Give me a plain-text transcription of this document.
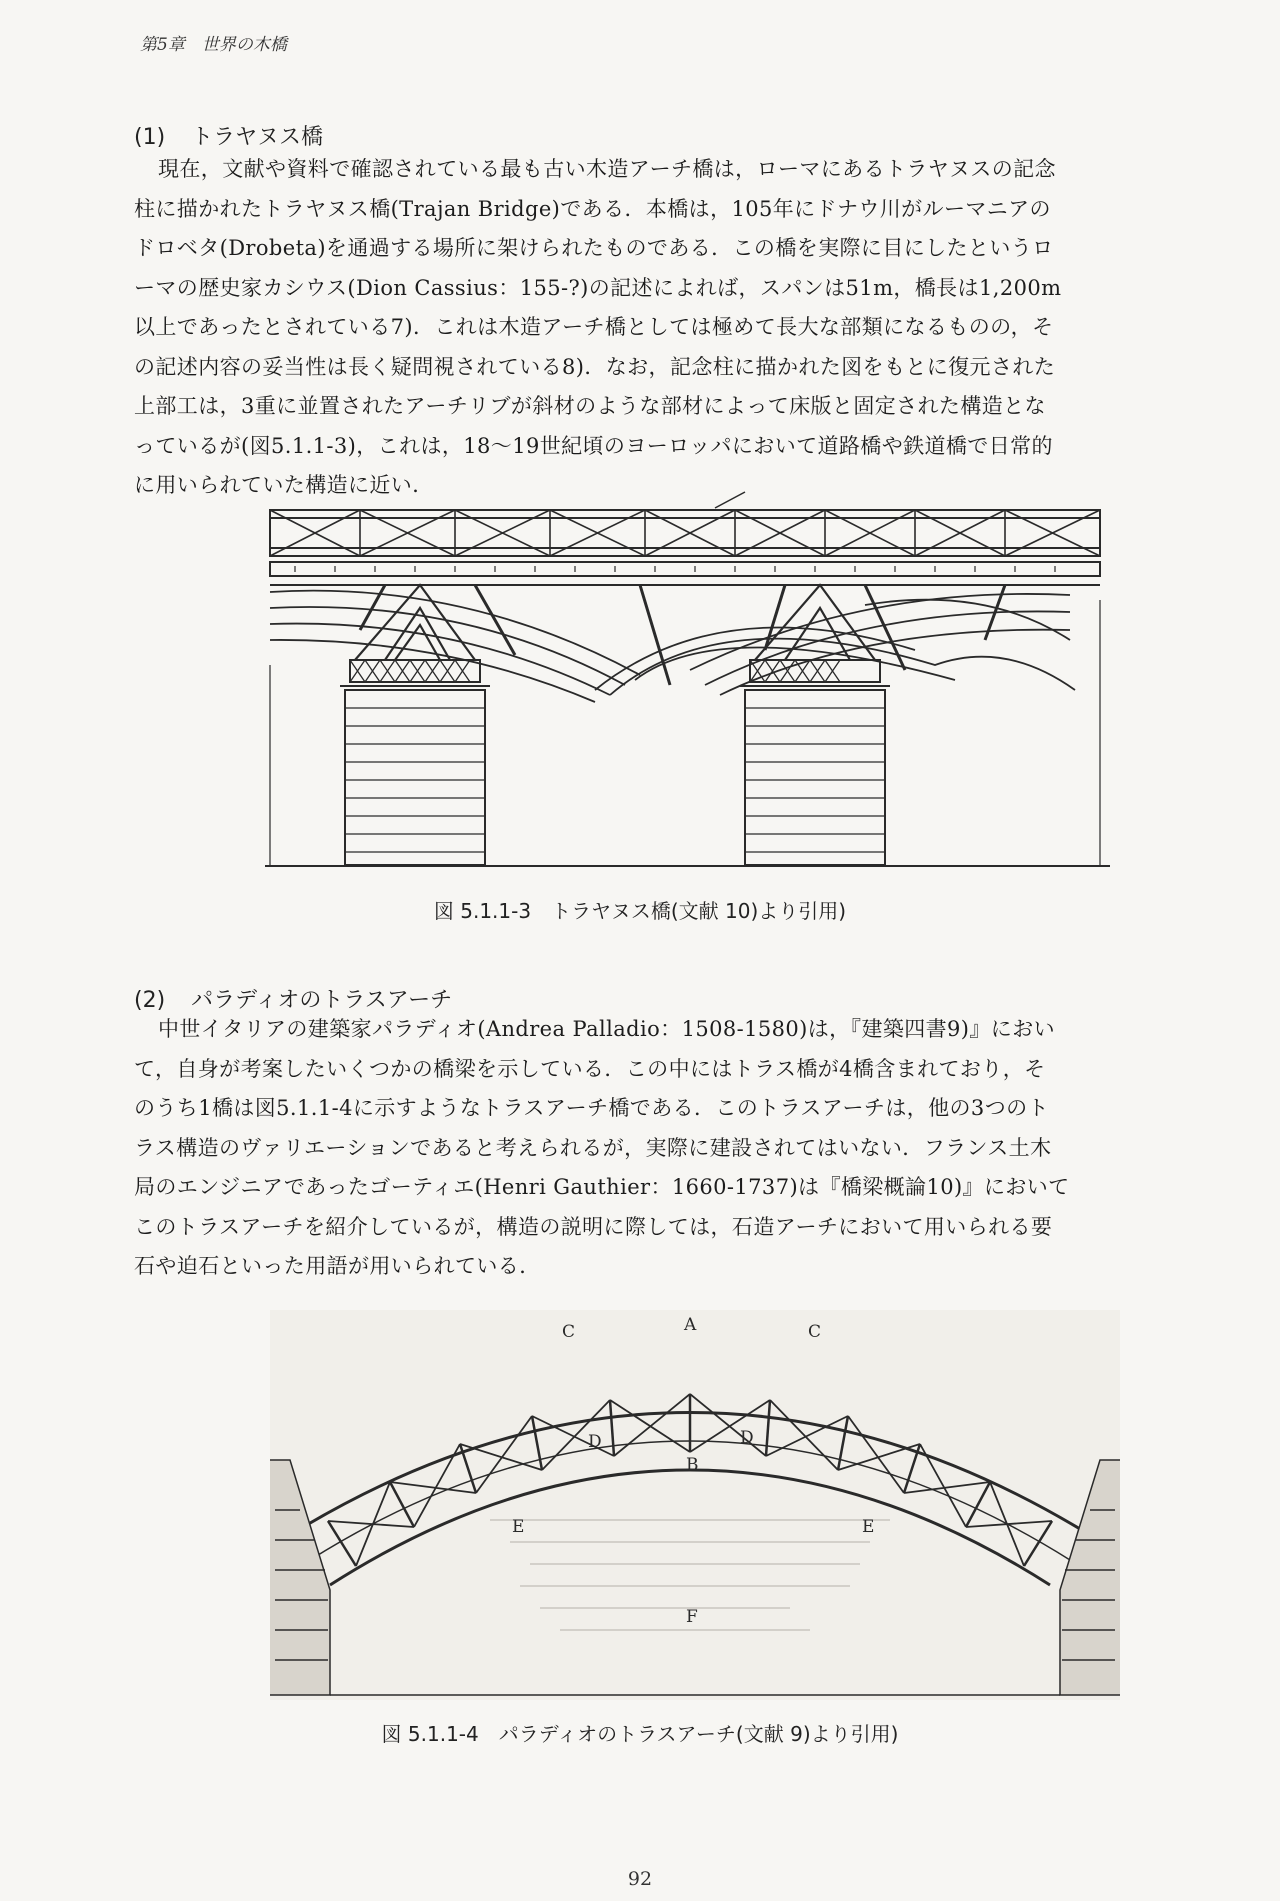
第5章　世界の木橋
(1) トラヤヌス橋
現在，文献や資料で確認されている最も古い木造アーチ橋は，ローマにあるトラヤヌスの記念
柱に描かれたトラヤヌス橋(Trajan Bridge)である．本橋は，105年にドナウ川がルーマニアの
ドロベタ(Drobeta)を通過する場所に架けられたものである．この橋を実際に目にしたというロ
ーマの歴史家カシウス(Dion Cassius：155-?)の記述によれば，スパンは51m，橋長は1,200m
以上であったとされている7)．これは木造アーチ橋としては極めて長大な部類になるものの，そ
の記述内容の妥当性は長く疑問視されている8)．なお，記念柱に描かれた図をもとに復元された
上部工は，3重に並置されたアーチリブが斜材のような部材によって床版と固定された構造とな
っているが(図5.1.1-3)，これは，18～19世紀頃のヨーロッパにおいて道路橋や鉄道橋で日常的
に用いられていた構造に近い．
図 5.1.1-3　トラヤヌス橋(文献 10)より引用)
(2) パラディオのトラスアーチ
中世イタリアの建築家パラディオ(Andrea Palladio：1508-1580)は，『建築四書9)』におい
て，自身が考案したいくつかの橋梁を示している．この中にはトラス橋が4橋含まれており，そ
のうち1橋は図5.1.1-4に示すようなトラスアーチ橋である．このトラスアーチは，他の3つのト
ラス構造のヴァリエーションであると考えられるが，実際に建設されてはいない．フランス土木
局のエンジニアであったゴーティエ(Henri Gauthier：1660-1737)は『橋梁概論10)』において
このトラスアーチを紹介しているが，構造の説明に際しては，石造アーチにおいて用いられる要
石や迫石といった用語が用いられている．
A
B
C	C
D	D
E	E
F
図 5.1.1-4　パラディオのトラスアーチ(文献 9)より引用)
92
